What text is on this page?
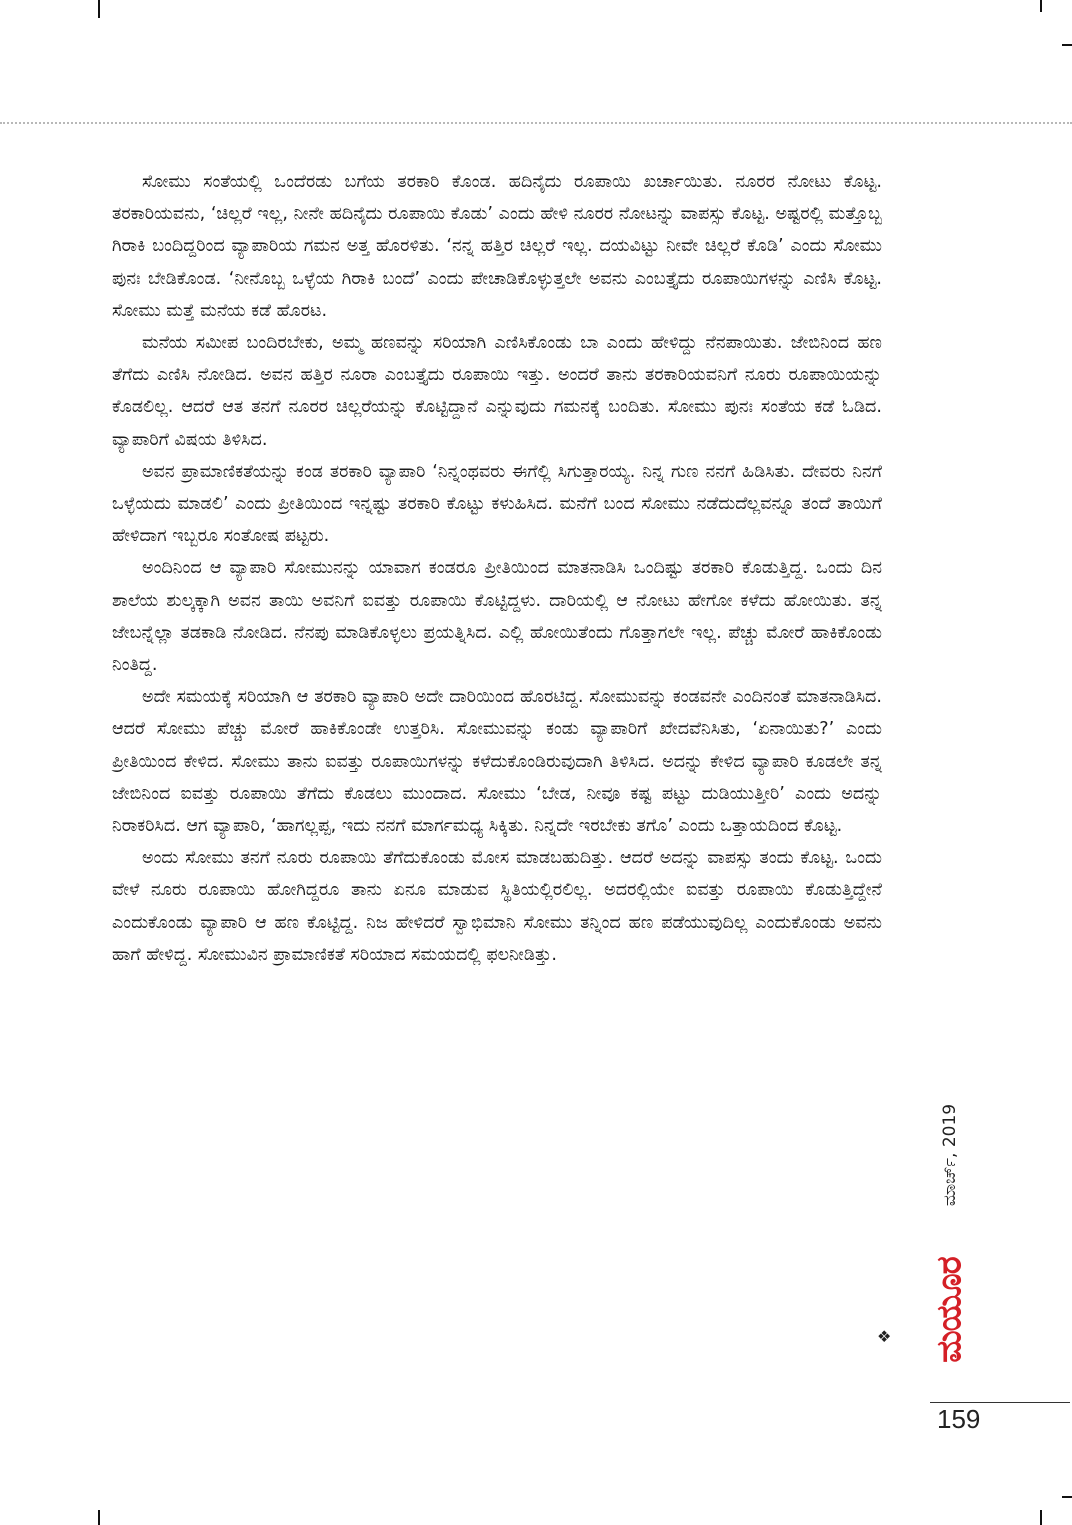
ಸೋಮು ಸಂತೆಯಲ್ಲಿ ಒಂದೆರಡು ಬಗೆಯ ತರಕಾರಿ ಕೊಂಡ. ಹದಿನೈದು ರೂಪಾಯಿ ಖರ್ಚಾಯಿತು. ನೂರರ ನೋಟು ಕೊಟ್ಟ. ತರಕಾರಿಯವನು, ‘ಚಿಲ್ಲರೆ ಇಲ್ಲ, ನೀನೇ ಹದಿನೈದು ರೂಪಾಯಿ ಕೊಡು’ ಎಂದು ಹೇಳಿ ನೂರರ ನೋಟನ್ನು ವಾಪಸ್ಸು ಕೊಟ್ಟ. ಅಷ್ಟರಲ್ಲಿ ಮತ್ತೊಬ್ಬ ಗಿರಾಕಿ ಬಂದಿದ್ದರಿಂದ ವ್ಯಾಪಾರಿಯ ಗಮನ ಅತ್ತ ಹೊರಳಿತು. ‘ನನ್ನ ಹತ್ತಿರ ಚಿಲ್ಲರೆ ಇಲ್ಲ. ದಯವಿಟ್ಟು ನೀವೇ ಚಿಲ್ಲರೆ ಕೊಡಿ’ ಎಂದು ಸೋಮು ಪುನಃ ಬೇಡಿಕೊಂಡ. ‘ನೀನೊಬ್ಬ ಒಳ್ಳೆಯ ಗಿರಾಕಿ ಬಂದೆ’ ಎಂದು ಪೇಚಾಡಿಕೊಳ್ಳುತ್ತಲೇ ಅವನು ಎಂಬತ್ತೈದು ರೂಪಾಯಿಗಳನ್ನು ಎಣಿಸಿ ಕೊಟ್ಟ. ಸೋಮು ಮತ್ತೆ ಮನೆಯ ಕಡೆ ಹೊರಟ.

ಮನೆಯ ಸಮೀಪ ಬಂದಿರಬೇಕು, ಅಮ್ಮ ಹಣವನ್ನು ಸರಿಯಾಗಿ ಎಣಿಸಿಕೊಂಡು ಬಾ ಎಂದು ಹೇಳಿದ್ದು ನೆನಪಾಯಿತು. ಜೇಬಿನಿಂದ ಹಣ ತೆಗೆದು ಎಣಿಸಿ ನೋಡಿದ. ಅವನ ಹತ್ತಿರ ನೂರಾ ಎಂಬತ್ತೈದು ರೂಪಾಯಿ ಇತ್ತು. ಅಂದರೆ ತಾನು ತರಕಾರಿಯವನಿಗೆ ನೂರು ರೂಪಾಯಿಯನ್ನು ಕೊಡಲಿಲ್ಲ. ಆದರೆ ಆತ ತನಗೆ ನೂರರ ಚಿಲ್ಲರೆಯನ್ನು ಕೊಟ್ಟಿದ್ದಾನೆ ಎನ್ನುವುದು ಗಮನಕ್ಕೆ ಬಂದಿತು. ಸೋಮು ಪುನಃ ಸಂತೆಯ ಕಡೆ ಓಡಿದ. ವ್ಯಾಪಾರಿಗೆ ವಿಷಯ ತಿಳಿಸಿದ.

ಅವನ ಪ್ರಾಮಾಣಿಕತೆಯನ್ನು ಕಂಡ ತರಕಾರಿ ವ್ಯಾಪಾರಿ ‘ನಿನ್ನಂಥವರು ಈಗೆಲ್ಲಿ ಸಿಗುತ್ತಾರಯ್ಯ. ನಿನ್ನ ಗುಣ ನನಗೆ ಹಿಡಿಸಿತು. ದೇವರು ನಿನಗೆ ಒಳ್ಳೆಯದು ಮಾಡಲಿ’ ಎಂದು ಪ್ರೀತಿಯಿಂದ ಇನ್ನಷ್ಟು ತರಕಾರಿ ಕೊಟ್ಟು ಕಳುಹಿಸಿದ. ಮನೆಗೆ ಬಂದ ಸೋಮು ನಡೆದುದೆಲ್ಲವನ್ನೂ ತಂದೆ ತಾಯಿಗೆ ಹೇಳಿದಾಗ ಇಬ್ಬರೂ ಸಂತೋಷ ಪಟ್ಟರು.

ಅಂದಿನಿಂದ ಆ ವ್ಯಾಪಾರಿ ಸೋಮುನನ್ನು ಯಾವಾಗ ಕಂಡರೂ ಪ್ರೀತಿಯಿಂದ ಮಾತನಾಡಿಸಿ ಒಂದಿಷ್ಟು ತರಕಾರಿ ಕೊಡುತ್ತಿದ್ದ. ಒಂದು ದಿನ ಶಾಲೆಯ ಶುಲ್ಕಕ್ಕಾಗಿ ಅವನ ತಾಯಿ ಅವನಿಗೆ ಐವತ್ತು ರೂಪಾಯಿ ಕೊಟ್ಟಿದ್ದಳು. ದಾರಿಯಲ್ಲಿ ಆ ನೋಟು ಹೇಗೋ ಕಳೆದು ಹೋಯಿತು. ತನ್ನ ಜೇಬನ್ನೆಲ್ಲಾ ತಡಕಾಡಿ ನೋಡಿದ. ನೆನಪು ಮಾಡಿಕೊಳ್ಳಲು ಪ್ರಯತ್ನಿಸಿದ. ಎಲ್ಲಿ ಹೋಯಿತೆಂದು ಗೊತ್ತಾಗಲೇ ಇಲ್ಲ. ಪೆಚ್ಚು ಮೋರೆ ಹಾಕಿಕೊಂಡು ನಿಂತಿದ್ದ.

ಅದೇ ಸಮಯಕ್ಕೆ ಸರಿಯಾಗಿ ಆ ತರಕಾರಿ ವ್ಯಾಪಾರಿ ಅದೇ ದಾರಿಯಿಂದ ಹೊರಟಿದ್ದ. ಸೋಮುವನ್ನು ಕಂಡವನೇ ಎಂದಿನಂತೆ ಮಾತನಾಡಿಸಿದ. ಆದರೆ ಸೋಮು ಪೆಚ್ಚು ಮೋರೆ ಹಾಕಿಕೊಂಡೇ ಉತ್ತರಿಸಿ. ಸೋಮುವನ್ನು ಕಂಡು ವ್ಯಾಪಾರಿಗೆ ಖೇದವೆನಿಸಿತು, ‘ಏನಾಯಿತು?’ ಎಂದು ಪ್ರೀತಿಯಿಂದ ಕೇಳಿದ. ಸೋಮು ತಾನು ಐವತ್ತು ರೂಪಾಯಿಗಳನ್ನು ಕಳೆದುಕೊಂಡಿರುವುದಾಗಿ ತಿಳಿಸಿದ. ಅದನ್ನು ಕೇಳಿದ ವ್ಯಾಪಾರಿ ಕೂಡಲೇ ತನ್ನ ಜೇಬಿನಿಂದ ಐವತ್ತು ರೂಪಾಯಿ ತೆಗೆದು ಕೊಡಲು ಮುಂದಾದ. ಸೋಮು ‘ಬೇಡ, ನೀವೂ ಕಷ್ಟ ಪಟ್ಟು ದುಡಿಯುತ್ತೀರಿ’ ಎಂದು ಅದನ್ನು ನಿರಾಕರಿಸಿದ. ಆಗ ವ್ಯಾಪಾರಿ, ‘ಹಾಗಲ್ಲಪ್ಪ, ಇದು ನನಗೆ ಮಾರ್ಗಮಧ್ಯ ಸಿಕ್ಕಿತು. ನಿನ್ನದೇ ಇರಬೇಕು ತಗೊ’ ಎಂದು ಒತ್ತಾಯದಿಂದ ಕೊಟ್ಟ.

ಅಂದು ಸೋಮು ತನಗೆ ನೂರು ರೂಪಾಯಿ ತೆಗೆದುಕೊಂಡು ಮೋಸ ಮಾಡಬಹುದಿತ್ತು. ಆದರೆ ಅದನ್ನು ವಾಪಸ್ಸು ತಂದು ಕೊಟ್ಟ. ಒಂದು ವೇಳೆ ನೂರು ರೂಪಾಯಿ ಹೋಗಿದ್ದರೂ ತಾನು ಏನೂ ಮಾಡುವ ಸ್ಥಿತಿಯಲ್ಲಿರಲಿಲ್ಲ. ಅದರಲ್ಲಿಯೇ ಐವತ್ತು ರೂಪಾಯಿ ಕೊಡುತ್ತಿದ್ದೇನೆ ಎಂದುಕೊಂಡು ವ್ಯಾಪಾರಿ ಆ ಹಣ ಕೊಟ್ಟಿದ್ದ. ನಿಜ ಹೇಳಿದರೆ ಸ್ವಾಭಿಮಾನಿ ಸೋಮು ತನ್ನಿಂದ ಹಣ ಪಡೆಯುವುದಿಲ್ಲ ಎಂದುಕೊಂಡು ಅವನು ಹಾಗೆ ಹೇಳಿದ್ದ. ಸೋಮುವಿನ ಪ್ರಾಮಾಣಿಕತೆ ಸರಿಯಾದ ಸಮಯದಲ್ಲಿ ಫಲನೀಡಿತ್ತು.

❖
ಮಾರ್ಚ್, 2019
ಮಯೂರ
159
